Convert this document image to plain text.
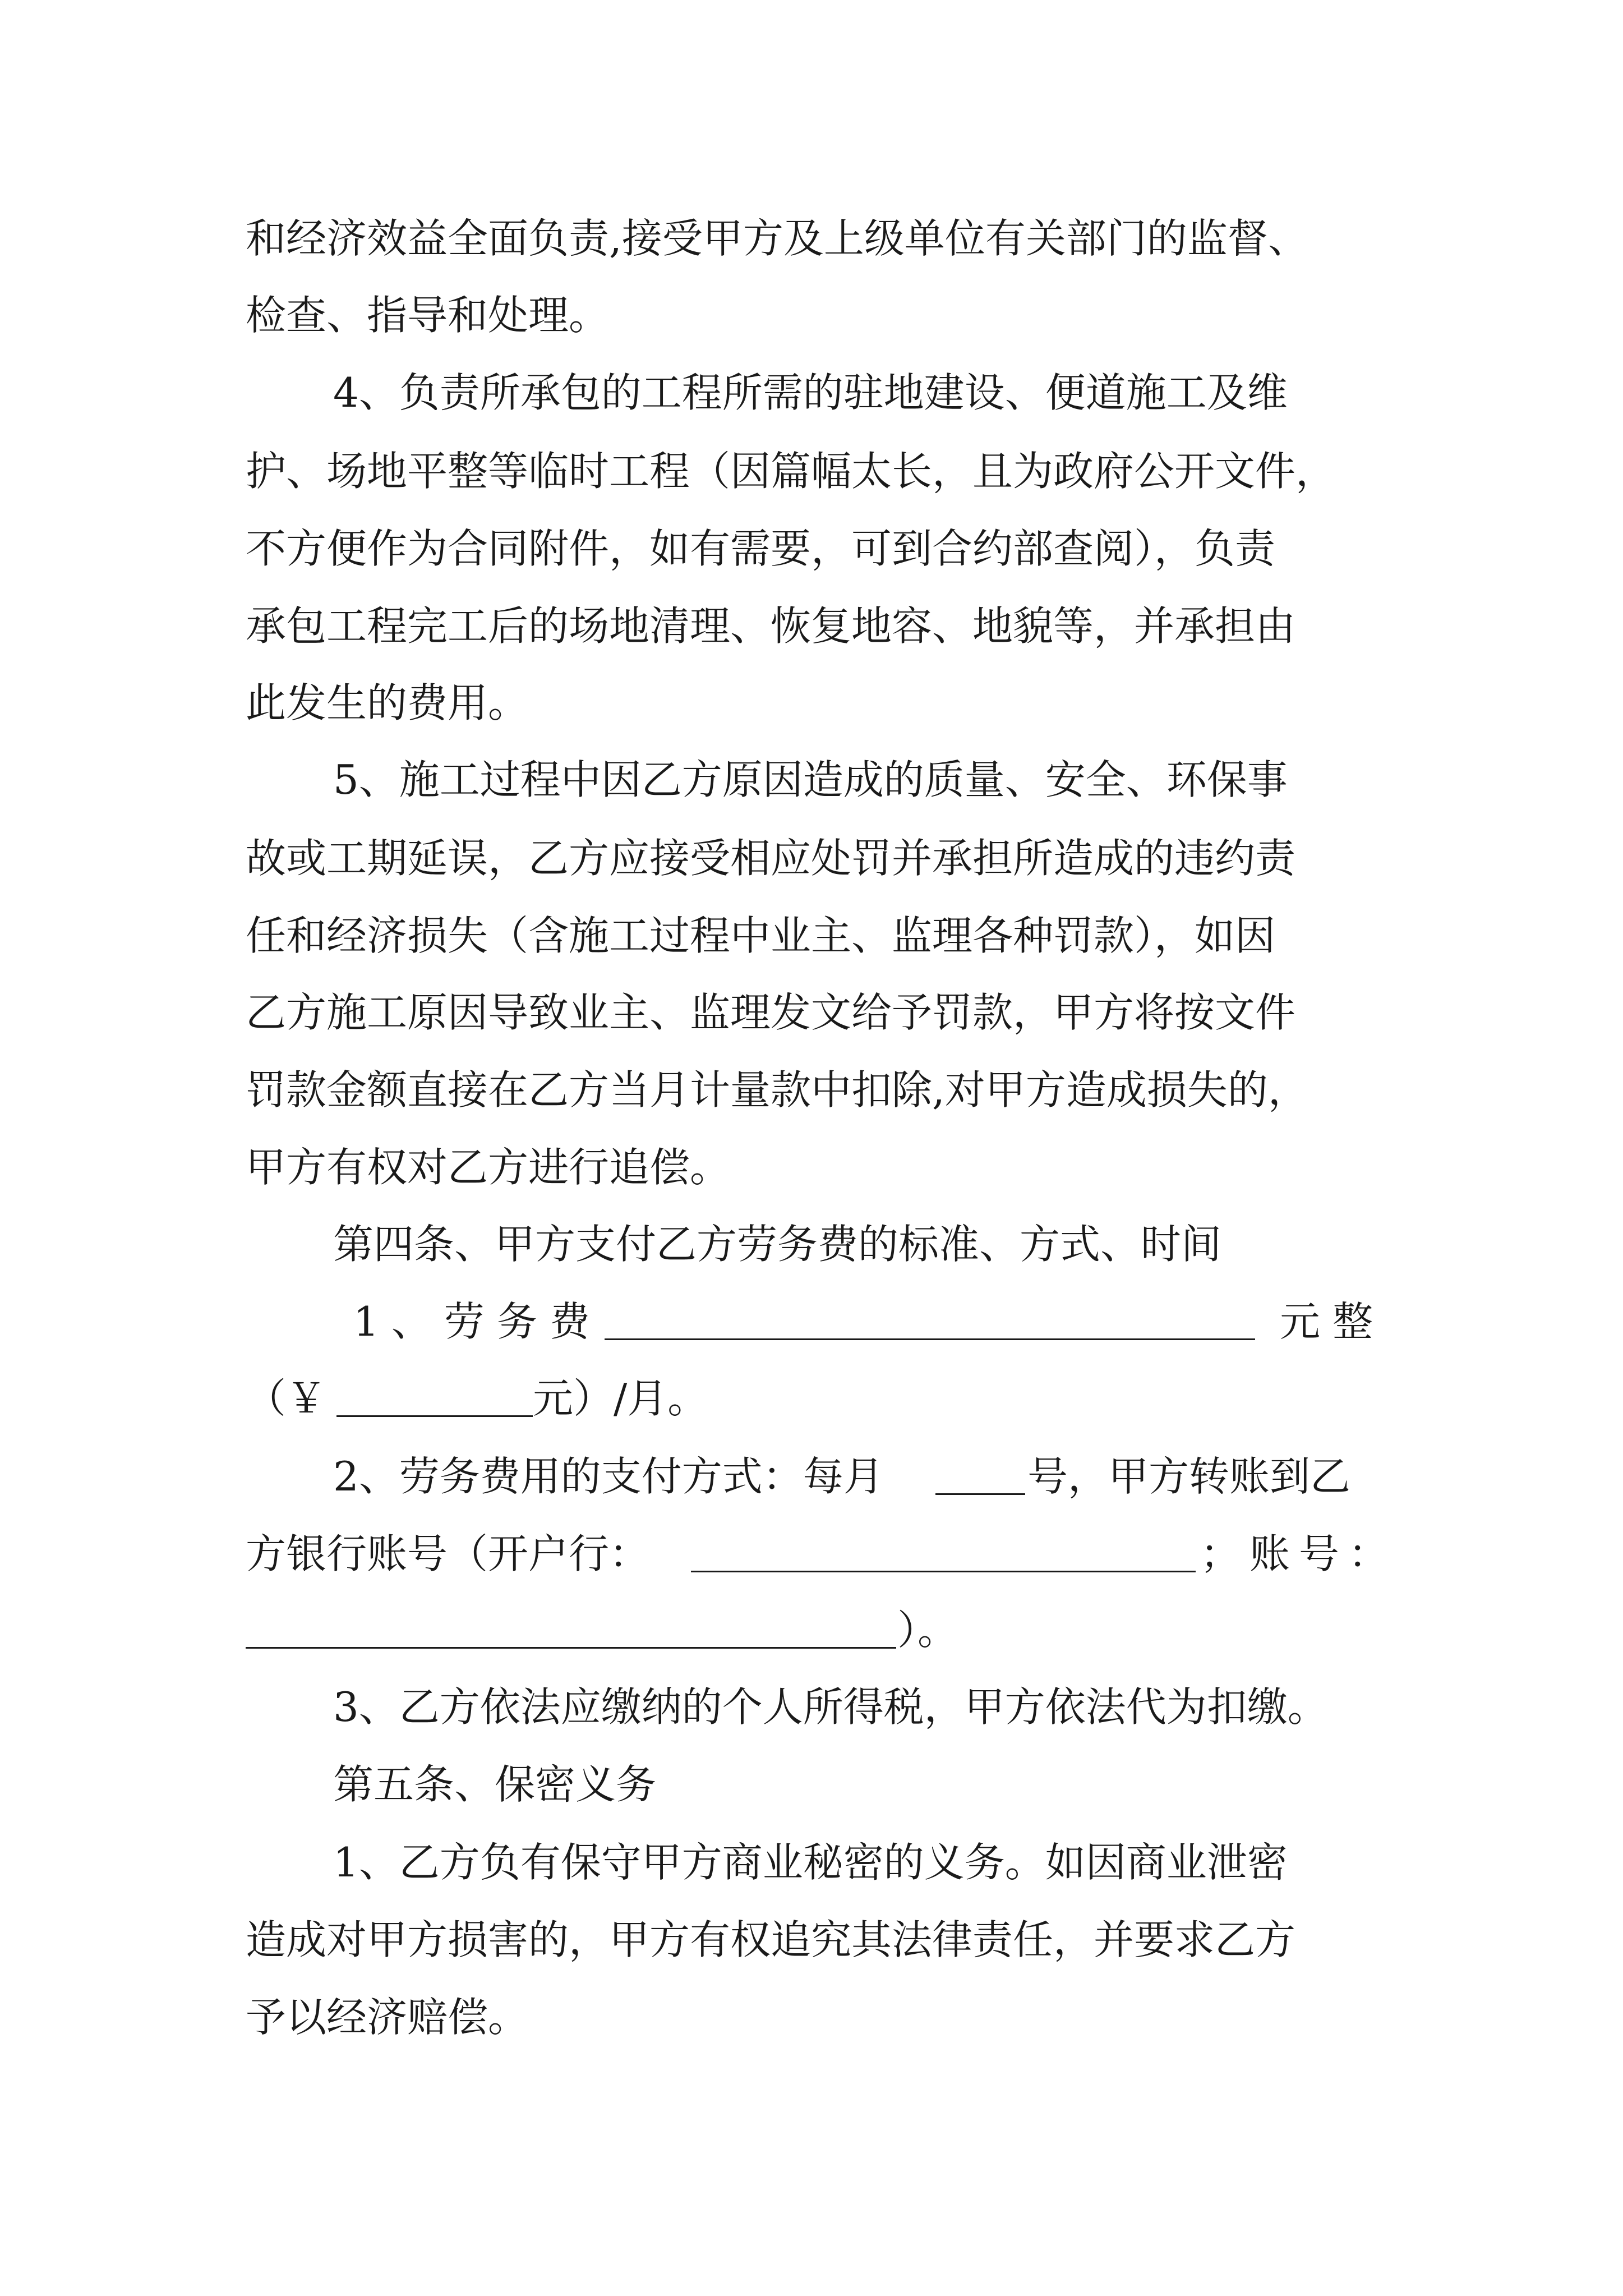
和经济效益全面负责,接受甲方及上级单位有关部门的监督、
检查、指导和处理。
4、负责所承包的工程所需的驻地建设、便道施工及维
护、场地平整等临时工程（因篇幅太长，且为政府公开文件，
不方便作为合同附件，如有需要，可到合约部查阅），负责
承包工程完工后的场地清理、恢复地容、地貌等，并承担由
此发生的费用。
5、施工过程中因乙方原因造成的质量、安全、环保事
故或工期延误，乙方应接受相应处罚并承担所造成的违约责
任和经济损失（含施工过程中业主、监理各种罚款），如因
乙方施工原因导致业主、监理发文给予罚款，甲方将按文件
罚款金额直接在乙方当月计量款中扣除,对甲方造成损失的，
甲方有权对乙方进行追偿。
第四条、甲方支付乙方劳务费的标准、方式、时间
1、劳务费	元整
（￥	元）/月。
2、劳务费用的支付方式：每月	号，甲方转账到乙
方银行账号（开户行：	；账号：
）。
3、乙方依法应缴纳的个人所得税，甲方依法代为扣缴。
第五条、保密义务
1、乙方负有保守甲方商业秘密的义务。如因商业泄密
造成对甲方损害的，甲方有权追究其法律责任，并要求乙方
予以经济赔偿。
